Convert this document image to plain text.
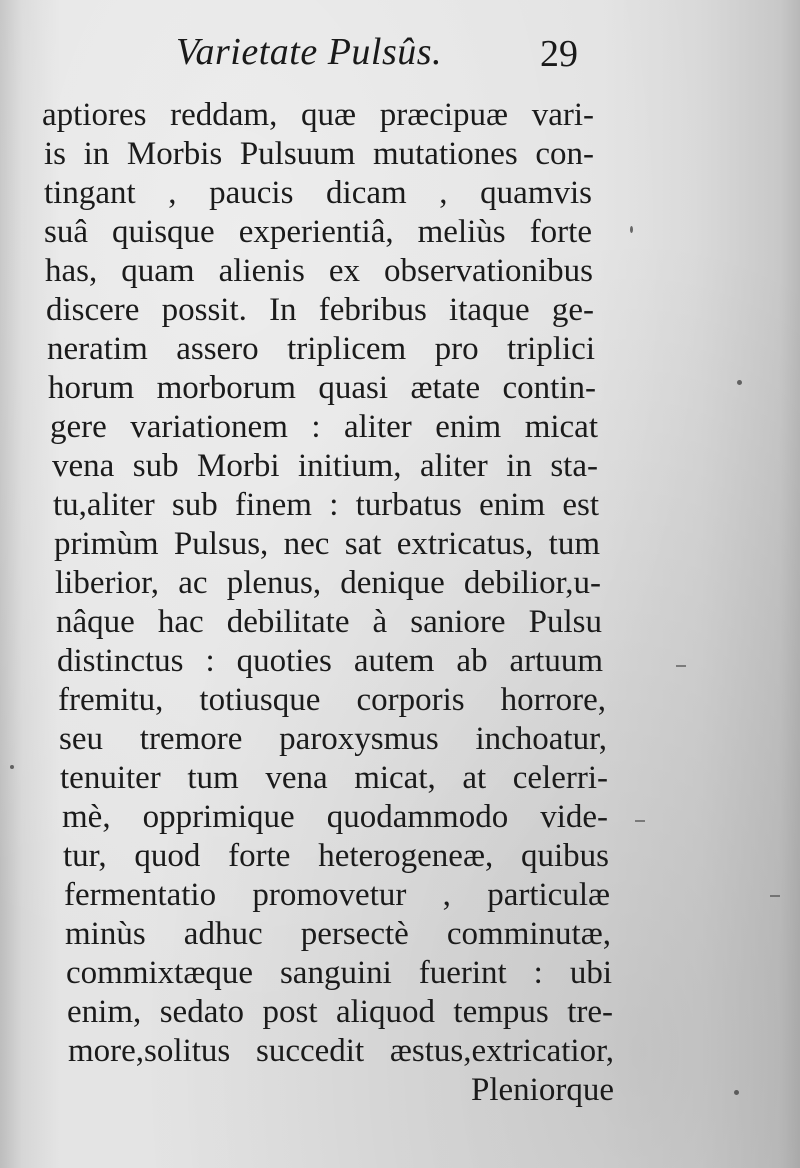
Varietate Pulsûs.	29
aptiores reddam, quæ præcipuæ vari-
is in Morbis Pulsuum mutationes con-
tingant , paucis dicam , quamvis
suâ quisque experientiâ, meliùs forte
has, quam alienis ex observationibus
discere possit. In febribus itaque ge-
neratim assero triplicem pro triplici
horum morborum quasi ætate contin-
gere variationem : aliter enim micat
vena sub Morbi initium, aliter in sta-
tu,aliter sub finem : turbatus enim est
primùm Pulsus, nec sat extricatus, tum
liberior, ac plenus, denique debilior,u-
nâque hac debilitate à saniore Pulsu
distinctus : quoties autem ab artuum
fremitu, totiusque corporis horrore,
seu tremore paroxysmus inchoatur,
tenuiter tum vena micat, at celerri-
mè, opprimique quodammodo vide-
tur, quod forte heterogeneæ, quibus
fermentatio promovetur , particulæ
minùs adhuc persectè comminutæ,
commixtæque sanguini fuerint : ubi
enim, sedato post aliquod tempus tre-
more,solitus succedit æstus,extricatior,
Pleniorque
